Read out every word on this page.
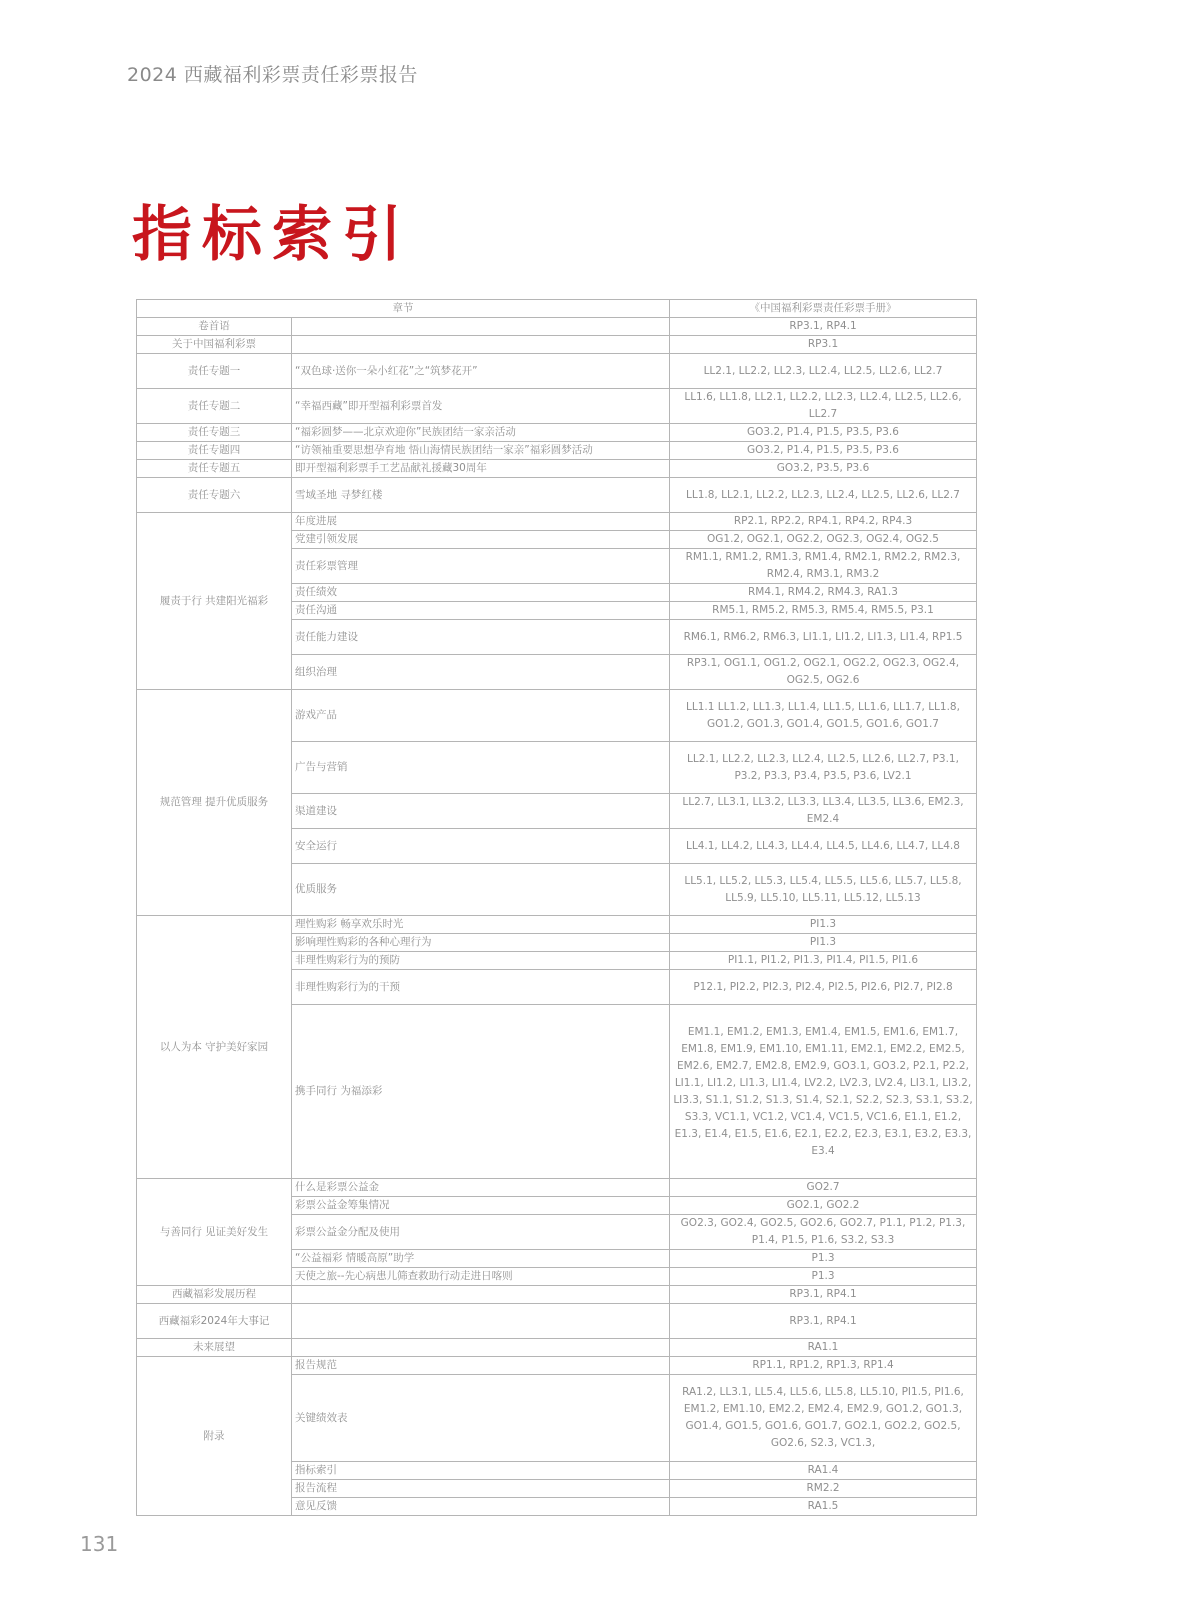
2024 西藏福利彩票责任彩票报告
指标索引
章节		《中国福利彩票责任彩票手册》
卷首语		RP3.1, RP4.1
关于中国福利彩票		RP3.1
责任专题一	“双色球·送你一朵小红花”之“筑梦花开”	LL2.1, LL2.2, LL2.3, LL2.4, LL2.5, LL2.6, LL2.7
责任专题二	“幸福西藏”即开型福利彩票首发	LL1.6, LL1.8, LL2.1, LL2.2, LL2.3, LL2.4, LL2.5, LL2.6, LL2.7
责任专题三	“福彩圆梦——北京欢迎你”民族团结一家亲活动	GO3.2, P1.4, P1.5, P3.5, P3.6
责任专题四	“访领袖重要思想孕育地 悟山海情民族团结一家亲”福彩圆梦活动	GO3.2, P1.4, P1.5, P3.5, P3.6
责任专题五	即开型福利彩票手工艺品献礼援藏30周年	GO3.2, P3.5, P3.6
责任专题六	雪域圣地 寻梦红楼	LL1.8, LL2.1, LL2.2, LL2.3, LL2.4, LL2.5, LL2.6, LL2.7
履责于行 共建阳光福彩	年度进展	RP2.1, RP2.2, RP4.1, RP4.2, RP4.3
	党建引领发展	OG1.2, OG2.1, OG2.2, OG2.3, OG2.4, OG2.5
	责任彩票管理	RM1.1, RM1.2, RM1.3, RM1.4, RM2.1, RM2.2, RM2.3, RM2.4, RM3.1, RM3.2
	责任绩效	RM4.1, RM4.2, RM4.3, RA1.3
	责任沟通	RM5.1, RM5.2, RM5.3, RM5.4, RM5.5, P3.1
	责任能力建设	RM6.1, RM6.2, RM6.3, LI1.1, LI1.2, LI1.3, LI1.4, RP1.5
	组织治理	RP3.1, OG1.1, OG1.2, OG2.1, OG2.2, OG2.3, OG2.4, OG2.5, OG2.6
规范管理 提升优质服务	游戏产品	LL1.1 LL1.2, LL1.3, LL1.4, LL1.5, LL1.6, LL1.7, LL1.8, GO1.2, GO1.3, GO1.4, GO1.5, GO1.6, GO1.7
	广告与营销	LL2.1, LL2.2, LL2.3, LL2.4, LL2.5, LL2.6, LL2.7, P3.1, P3.2, P3.3, P3.4, P3.5, P3.6, LV2.1
	渠道建设	LL2.7, LL3.1, LL3.2, LL3.3, LL3.4, LL3.5, LL3.6, EM2.3, EM2.4
	安全运行	LL4.1, LL4.2, LL4.3, LL4.4, LL4.5, LL4.6, LL4.7, LL4.8
	优质服务	LL5.1, LL5.2, LL5.3, LL5.4, LL5.5, LL5.6, LL5.7, LL5.8, LL5.9, LL5.10, LL5.11, LL5.12, LL5.13
以人为本 守护美好家园	理性购彩 畅享欢乐时光	PI1.3
	影响理性购彩的各种心理行为	PI1.3
	非理性购彩行为的预防	PI1.1, PI1.2, PI1.3, PI1.4, PI1.5, PI1.6
	非理性购彩行为的干预	P12.1, PI2.2, PI2.3, PI2.4, PI2.5, PI2.6, PI2.7, PI2.8
	携手同行 为福添彩	EM1.1, EM1.2, EM1.3, EM1.4, EM1.5, EM1.6, EM1.7, EM1.8, EM1.9, EM1.10, EM1.11, EM2.1, EM2.2, EM2.5, EM2.6, EM2.7, EM2.8, EM2.9, GO3.1, GO3.2, P2.1, P2.2, LI1.1, LI1.2, LI1.3, LI1.4, LV2.2, LV2.3, LV2.4, LI3.1, LI3.2, LI3.3, S1.1, S1.2, S1.3, S1.4, S2.1, S2.2, S2.3, S3.1, S3.2, S3.3, VC1.1, VC1.2, VC1.4, VC1.5, VC1.6, E1.1, E1.2, E1.3, E1.4, E1.5, E1.6, E2.1, E2.2, E2.3, E3.1, E3.2, E3.3, E3.4
与善同行 见证美好发生	什么是彩票公益金	GO2.7
	彩票公益金筹集情况	GO2.1, GO2.2
	彩票公益金分配及使用	GO2.3, GO2.4, GO2.5, GO2.6, GO2.7, P1.1, P1.2, P1.3, P1.4, P1.5, P1.6, S3.2, S3.3
	“公益福彩 情暖高原”助学	P1.3
	天使之旅--先心病患儿筛查救助行动走进日喀则	P1.3
西藏福彩发展历程		RP3.1, RP4.1
西藏福彩2024年大事记		RP3.1, RP4.1
未来展望		RA1.1
附录	报告规范	RP1.1, RP1.2, RP1.3, RP1.4
	关键绩效表	RA1.2, LL3.1, LL5.4, LL5.6, LL5.8, LL5.10, PI1.5, PI1.6, EM1.2, EM1.10, EM2.2, EM2.4, EM2.9, GO1.2, GO1.3, GO1.4, GO1.5, GO1.6, GO1.7, GO2.1, GO2.2, GO2.5, GO2.6, S2.3, VC1.3,
	指标索引	RA1.4
	报告流程	RM2.2
	意见反馈	RA1.5
131
